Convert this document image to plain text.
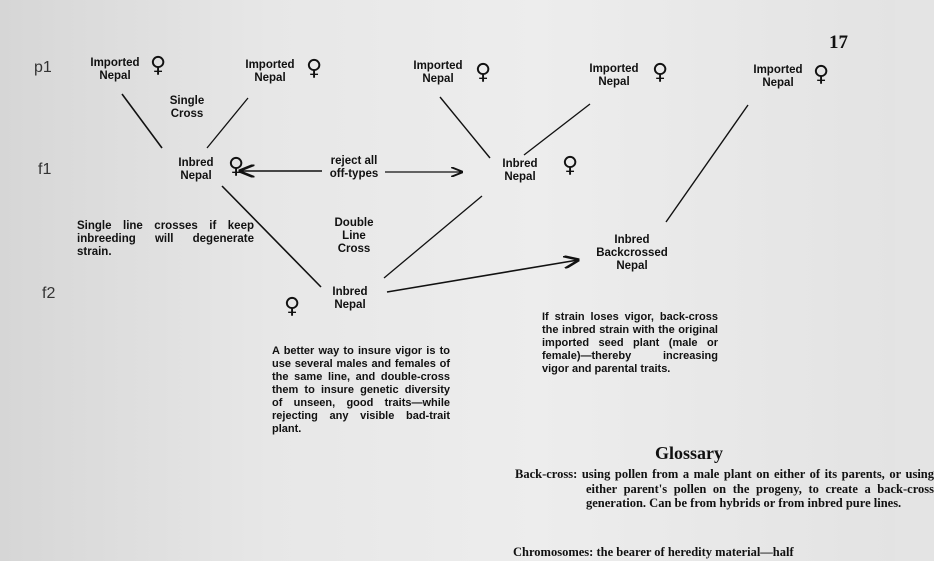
17
p1
f1
f2

Imported
Nepal ♀	Imported
Nepal ♀	Imported
Nepal ♀	Imported
Nepal	♀	Imported
Nepal ♀

Single
Cross

Inbred
Nepal ♀	reject all
off-types

Inbred
Nepal	♀

Double
Line
Cross

Single line crosses if keep inbreeding will degenerate strain.

Inbred
Nepal

♀

Inbred
Backcrossed
Nepal

A better way to insure vigor is to use several males and females of the same line, and double-cross them to insure genetic diversity of unseen, good traits—while rejecting any visible bad-trait plant.

If strain loses vigor, back-cross the inbred strain with the original imported seed plant (male or female)—thereby increasing vigor and parental traits.

Glossary

Back-cross: using pollen from a male plant on either of its parents, or using either parent's pollen on the progeny, to create a back-cross generation. Can be from hybrids or from inbred pure lines.

Chromosomes: the bearer of heredity material—half
